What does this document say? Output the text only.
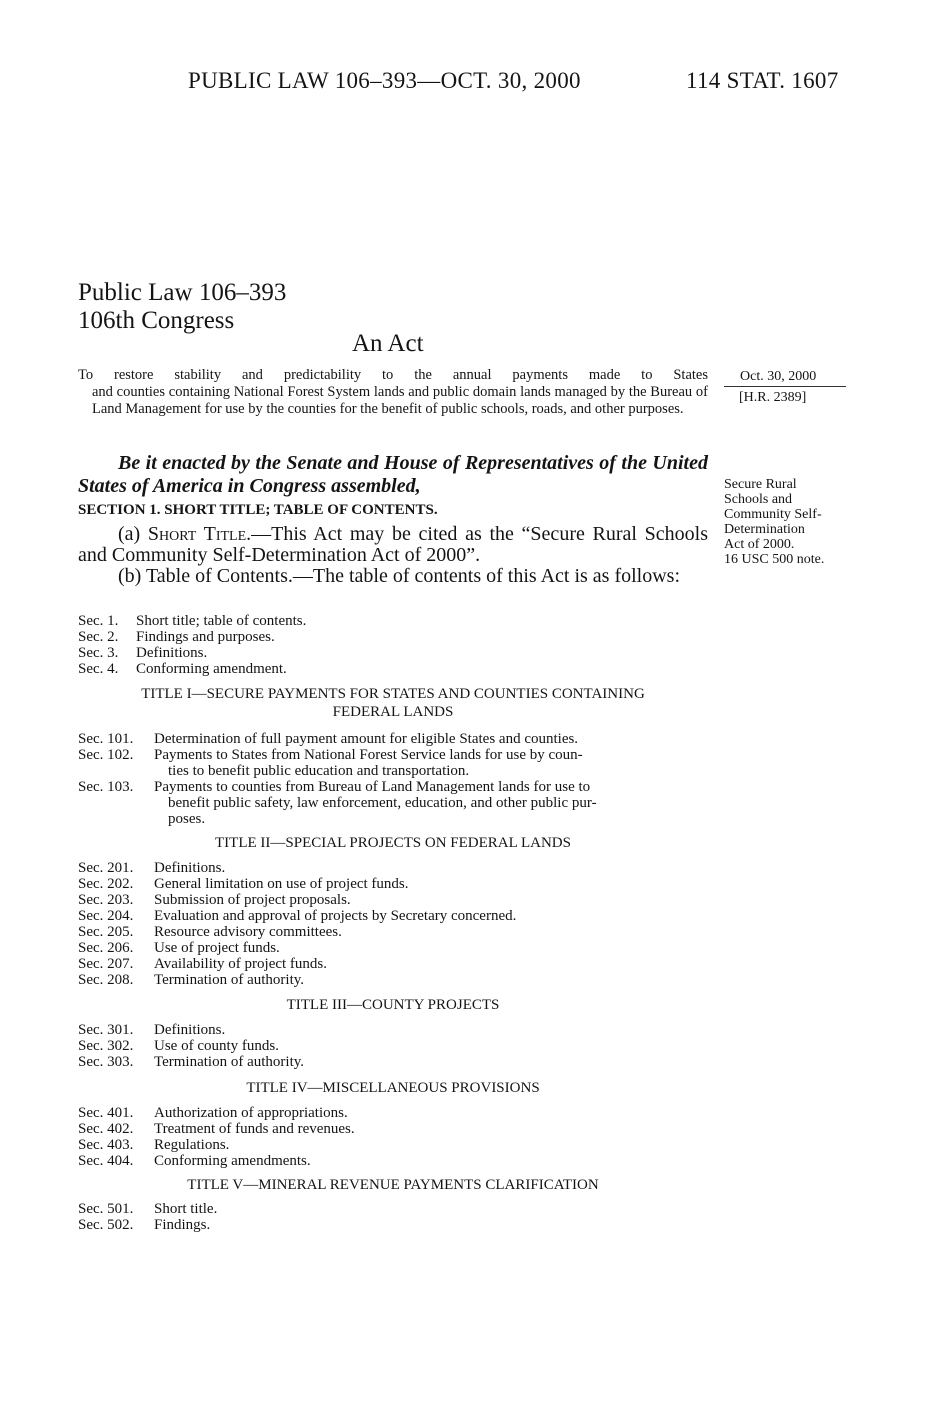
PUBLIC LAW 106–393—OCT. 30, 2000	114 STAT. 1607
Public Law 106–393
106th Congress
An Act
To restore stability and predictability to the annual payments made to States
and counties containing National Forest System lands and public domain lands managed by the Bureau of Land Management for use by the counties for the benefit of public schools, roads, and other purposes.
Oct. 30, 2000
[H.R. 2389]
Secure Rural
Schools and
Community Self-
Determination
Act of 2000.
16 USC 500 note.
Be it enacted by the Senate and House of Representatives of the United States of America in Congress assembled,
SECTION 1. SHORT TITLE; TABLE OF CONTENTS.
(a) Short Title.—This Act may be cited as the “Secure Rural Schools and Community Self-Determination Act of 2000”.
(b) Table of Contents.—The table of contents of this Act is as follows:
Sec. 1.	Short title; table of contents.
Sec. 2.	Findings and purposes.
Sec. 3.	Definitions.
Sec. 4.	Conforming amendment.
TITLE I—SECURE PAYMENTS FOR STATES AND COUNTIES CONTAINING
FEDERAL LANDS
Sec. 101.	Determination of full payment amount for eligible States and counties.
Sec. 102.	Payments to States from National Forest Service lands for use by coun-
ties to benefit public education and transportation.
Sec. 103.	Payments to counties from Bureau of Land Management lands for use to
benefit public safety, law enforcement, education, and other public pur-
poses.
TITLE II—SPECIAL PROJECTS ON FEDERAL LANDS
Sec. 201.	Definitions.
Sec. 202.	General limitation on use of project funds.
Sec. 203.	Submission of project proposals.
Sec. 204.	Evaluation and approval of projects by Secretary concerned.
Sec. 205.	Resource advisory committees.
Sec. 206.	Use of project funds.
Sec. 207.	Availability of project funds.
Sec. 208.	Termination of authority.
TITLE III—COUNTY PROJECTS
Sec. 301.	Definitions.
Sec. 302.	Use of county funds.
Sec. 303.	Termination of authority.
TITLE IV—MISCELLANEOUS PROVISIONS
Sec. 401.	Authorization of appropriations.
Sec. 402.	Treatment of funds and revenues.
Sec. 403.	Regulations.
Sec. 404.	Conforming amendments.
TITLE V—MINERAL REVENUE PAYMENTS CLARIFICATION
Sec. 501.	Short title.
Sec. 502.	Findings.
